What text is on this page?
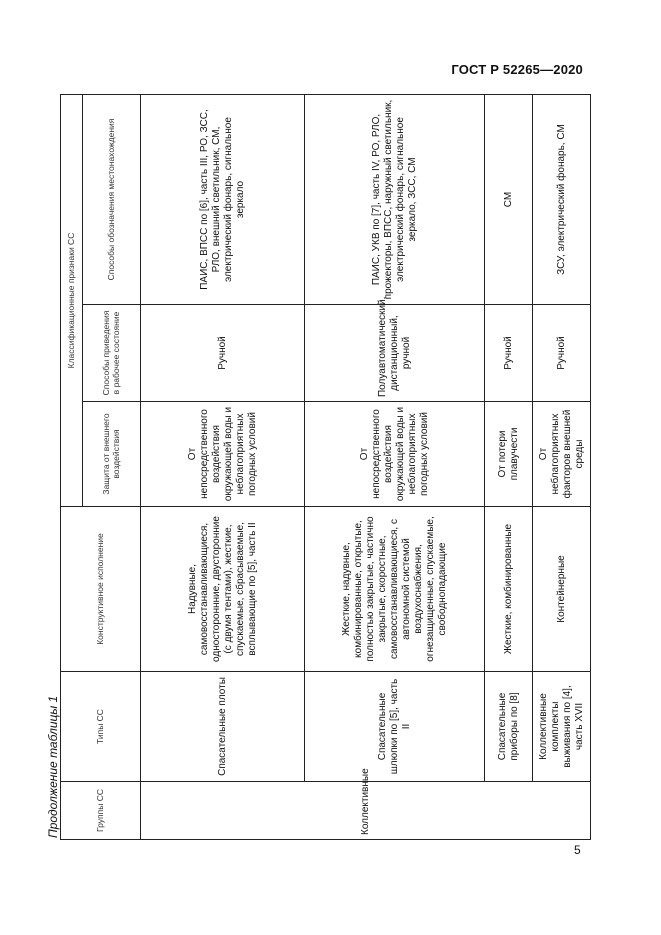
ГОСТ Р 52265—2020
Продолжение таблицы 1	Группы СС	Типы СС	Конструктивное исполнение	Классификационные признаки СС		
			Защита от внешнего воздействия	Способы приведения в рабочее состояние	Способы обозначения местонахождения
Коллективные	Спасательные плоты	Надувные, самовосстанавливающиеся, одностороннние, двусторонние (с двумя тентами), жесткие, спускаемые, сбрасываемые, всплывающие по [5], часть II	От непосредственного воздействия окружающей воды и неблагоприятных погодных условий	Ручной	ПАИС, ВПСС по [6], часть III, РО, ЗСС, РЛО, внешний светильник, СМ, электрический фонарь, сигнальное зеркало
	Спасательные шлюпки по [5], часть II	Жесткие, надувные, комбинированные, открытые, полностью закрытые, частично закрытые, скоростные, самовосстанавливающиеся, с автономной системой воздухоснабжения, огнезащищенные, спускаемые, свободнопадающие	От непосредственного воздействия окружающей воды и неблагоприятных погодных условий	Полуавтоматический, дистанционный, ручной	ПАИС, УКВ по [7], часть IV, РО, РЛО, прожекторы, ВПСС, наружный светильник, электрический фонарь, сигнальное зеркало, ЗСС, СМ
	Спасательные приборы по [8]	Жесткие, комбинированные	От потери плавучести	Ручной	СМ
	Коллективные комплекты выживания по [4], часть XVII	Контейнерные	От неблагоприятных факторов внешней среды	Ручной	ЗСУ, электрический фонарь, СМ
5
